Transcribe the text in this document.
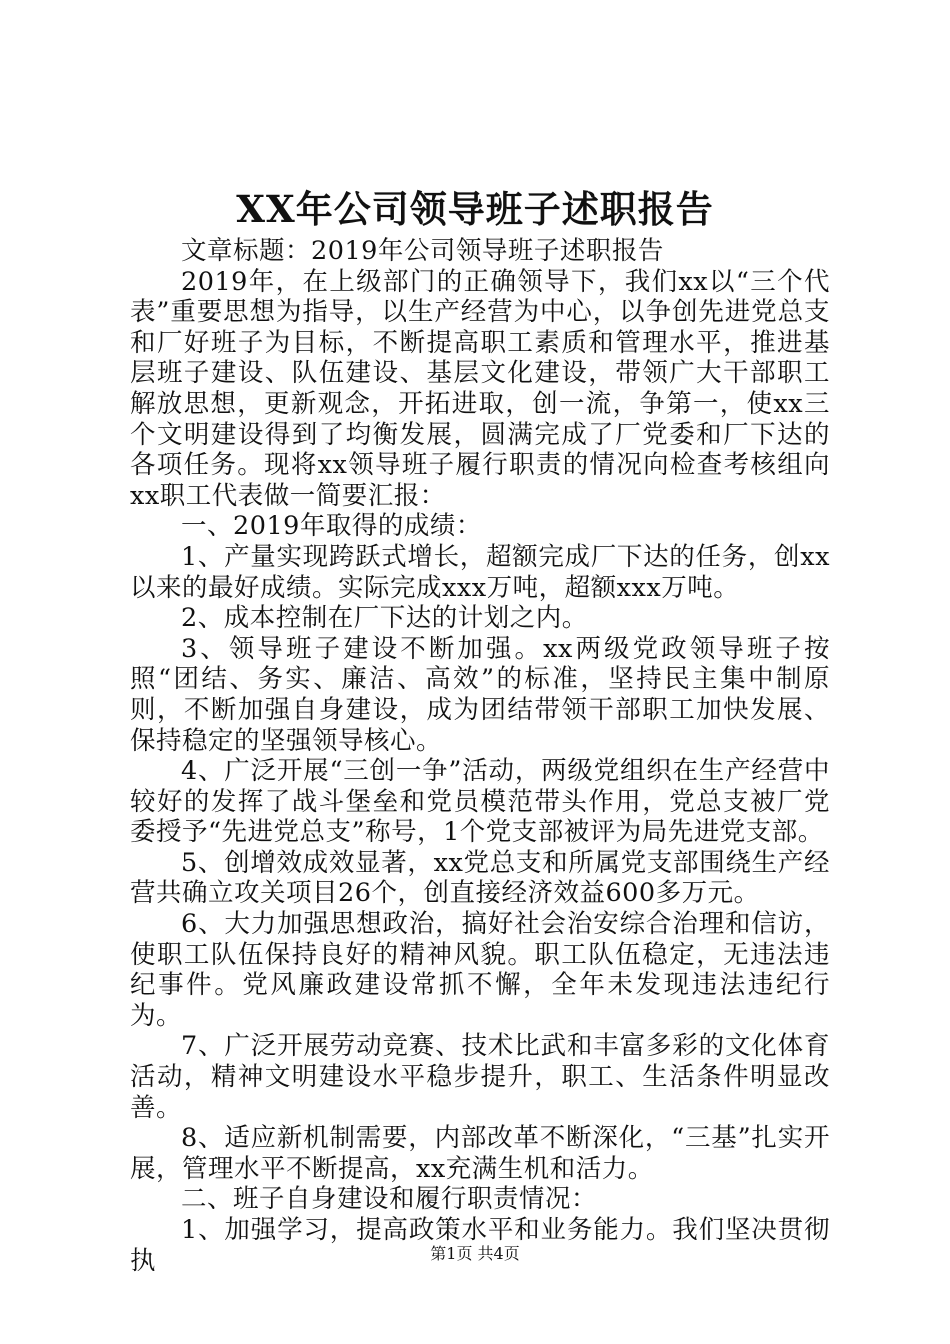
XX年公司领导班子述职报告

文章标题：2019年公司领导班子述职报告

2019年，在上级部门的正确领导下，我们xx以“三个代表”重要思想为指导，以生产经营为中心，以争创先进党总支和厂好班子为目标，不断提高职工素质和管理水平，推进基层班子建设、队伍建设、基层文化建设，带领广大干部职工解放思想，更新观念，开拓进取，创一流，争第一，使xx三个文明建设得到了均衡发展，圆满完成了厂党委和厂下达的各项任务。现将xx领导班子履行职责的情况向检查考核组向xx职工代表做一简要汇报：

一、2019年取得的成绩：

1、产量实现跨跃式增长，超额完成厂下达的任务，创xx以来的最好成绩。实际完成xxx万吨，超额xxx万吨。

2、成本控制在厂下达的计划之内。

3、领导班子建设不断加强。xx两级党政领导班子按照“团结、务实、廉洁、高效”的标准，坚持民主集中制原则，不断加强自身建设，成为团结带领干部职工加快发展、保持稳定的坚强领导核心。

4、广泛开展“三创一争”活动，两级党组织在生产经营中较好的发挥了战斗堡垒和党员模范带头作用，党总支被厂党委授予“先进党总支”称号，1个党支部被评为局先进党支部。

5、创增效成效显著，xx党总支和所属党支部围绕生产经营共确立攻关项目26个，创直接经济效益600多万元。

6、大力加强思想政治，搞好社会治安综合治理和信访，使职工队伍保持良好的精神风貌。职工队伍稳定，无违法违纪事件。党风廉政建设常抓不懈，全年未发现违法违纪行为。

7、广泛开展劳动竞赛、技术比武和丰富多彩的文化体育活动，精神文明建设水平稳步提升，职工、生活条件明显改善。

8、适应新机制需要，内部改革不断深化，“三基”扎实开展，管理水平不断提高，xx充满生机和活力。

二、班子自身建设和履行职责情况：

1、加强学习，提高政策水平和业务能力。我们坚决贯彻执	第1页 共4页
